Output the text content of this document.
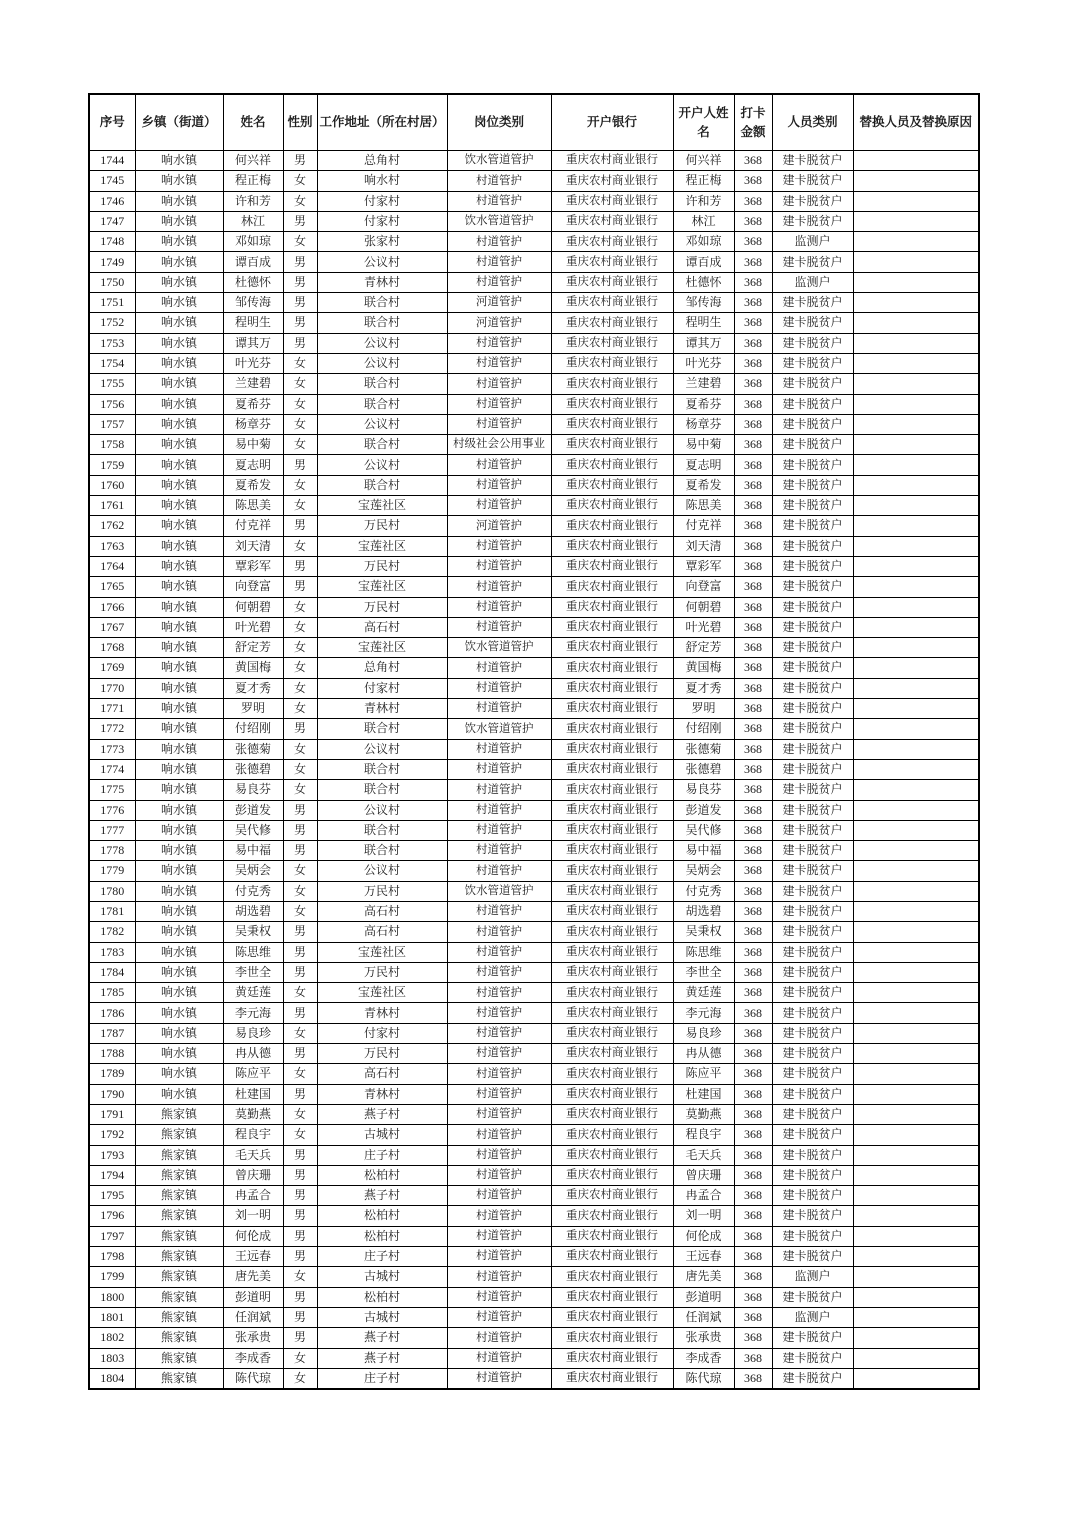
序号	乡镇（街道）	姓名	性别	工作地址（所在村居）	岗位类别	开户银行	开户人姓名	打卡金额	人员类别	替换人员及替换原因
1744	响水镇	何兴祥	男	总角村	饮水管道管护	重庆农村商业银行	何兴祥	368	建卡脱贫户	
1745	响水镇	程正梅	女	响水村	村道管护	重庆农村商业银行	程正梅	368	建卡脱贫户	
1746	响水镇	许和芳	女	付家村	村道管护	重庆农村商业银行	许和芳	368	建卡脱贫户	
1747	响水镇	林江	男	付家村	饮水管道管护	重庆农村商业银行	林江	368	建卡脱贫户	
1748	响水镇	邓如琼	女	张家村	村道管护	重庆农村商业银行	邓如琼	368	监测户	
1749	响水镇	谭百成	男	公议村	村道管护	重庆农村商业银行	谭百成	368	建卡脱贫户	
1750	响水镇	杜德怀	男	青林村	村道管护	重庆农村商业银行	杜德怀	368	监测户	
1751	响水镇	邹传海	男	联合村	河道管护	重庆农村商业银行	邹传海	368	建卡脱贫户	
1752	响水镇	程明生	男	联合村	河道管护	重庆农村商业银行	程明生	368	建卡脱贫户	
1753	响水镇	谭其万	男	公议村	村道管护	重庆农村商业银行	谭其万	368	建卡脱贫户	
1754	响水镇	叶光芬	女	公议村	村道管护	重庆农村商业银行	叶光芬	368	建卡脱贫户	
1755	响水镇	兰建碧	女	联合村	村道管护	重庆农村商业银行	兰建碧	368	建卡脱贫户	
1756	响水镇	夏希芬	女	联合村	村道管护	重庆农村商业银行	夏希芬	368	建卡脱贫户	
1757	响水镇	杨章芬	女	公议村	村道管护	重庆农村商业银行	杨章芬	368	建卡脱贫户	
1758	响水镇	易中菊	女	联合村	村级社会公用事业	重庆农村商业银行	易中菊	368	建卡脱贫户	
1759	响水镇	夏志明	男	公议村	村道管护	重庆农村商业银行	夏志明	368	建卡脱贫户	
1760	响水镇	夏希发	女	联合村	村道管护	重庆农村商业银行	夏希发	368	建卡脱贫户	
1761	响水镇	陈思美	女	宝莲社区	村道管护	重庆农村商业银行	陈思美	368	建卡脱贫户	
1762	响水镇	付克祥	男	万民村	河道管护	重庆农村商业银行	付克祥	368	建卡脱贫户	
1763	响水镇	刘天清	女	宝莲社区	村道管护	重庆农村商业银行	刘天清	368	建卡脱贫户	
1764	响水镇	覃彩军	男	万民村	村道管护	重庆农村商业银行	覃彩军	368	建卡脱贫户	
1765	响水镇	向登富	男	宝莲社区	村道管护	重庆农村商业银行	向登富	368	建卡脱贫户	
1766	响水镇	何朝碧	女	万民村	村道管护	重庆农村商业银行	何朝碧	368	建卡脱贫户	
1767	响水镇	叶光碧	女	高石村	村道管护	重庆农村商业银行	叶光碧	368	建卡脱贫户	
1768	响水镇	舒定芳	女	宝莲社区	饮水管道管护	重庆农村商业银行	舒定芳	368	建卡脱贫户	
1769	响水镇	黄国梅	女	总角村	村道管护	重庆农村商业银行	黄国梅	368	建卡脱贫户	
1770	响水镇	夏才秀	女	付家村	村道管护	重庆农村商业银行	夏才秀	368	建卡脱贫户	
1771	响水镇	罗明	女	青林村	村道管护	重庆农村商业银行	罗明	368	建卡脱贫户	
1772	响水镇	付绍刚	男	联合村	饮水管道管护	重庆农村商业银行	付绍刚	368	建卡脱贫户	
1773	响水镇	张德菊	女	公议村	村道管护	重庆农村商业银行	张德菊	368	建卡脱贫户	
1774	响水镇	张德碧	女	联合村	村道管护	重庆农村商业银行	张德碧	368	建卡脱贫户	
1775	响水镇	易良芬	女	联合村	村道管护	重庆农村商业银行	易良芬	368	建卡脱贫户	
1776	响水镇	彭道发	男	公议村	村道管护	重庆农村商业银行	彭道发	368	建卡脱贫户	
1777	响水镇	吴代修	男	联合村	村道管护	重庆农村商业银行	吴代修	368	建卡脱贫户	
1778	响水镇	易中福	男	联合村	村道管护	重庆农村商业银行	易中福	368	建卡脱贫户	
1779	响水镇	吴炳会	女	公议村	村道管护	重庆农村商业银行	吴炳会	368	建卡脱贫户	
1780	响水镇	付克秀	女	万民村	饮水管道管护	重庆农村商业银行	付克秀	368	建卡脱贫户	
1781	响水镇	胡选碧	女	高石村	村道管护	重庆农村商业银行	胡选碧	368	建卡脱贫户	
1782	响水镇	吴秉权	男	高石村	村道管护	重庆农村商业银行	吴秉权	368	建卡脱贫户	
1783	响水镇	陈思维	男	宝莲社区	村道管护	重庆农村商业银行	陈思维	368	建卡脱贫户	
1784	响水镇	李世全	男	万民村	村道管护	重庆农村商业银行	李世全	368	建卡脱贫户	
1785	响水镇	黄廷莲	女	宝莲社区	村道管护	重庆农村商业银行	黄廷莲	368	建卡脱贫户	
1786	响水镇	李元海	男	青林村	村道管护	重庆农村商业银行	李元海	368	建卡脱贫户	
1787	响水镇	易良珍	女	付家村	村道管护	重庆农村商业银行	易良珍	368	建卡脱贫户	
1788	响水镇	冉从德	男	万民村	村道管护	重庆农村商业银行	冉从德	368	建卡脱贫户	
1789	响水镇	陈应平	女	高石村	村道管护	重庆农村商业银行	陈应平	368	建卡脱贫户	
1790	响水镇	杜建国	男	青林村	村道管护	重庆农村商业银行	杜建国	368	建卡脱贫户	
1791	熊家镇	莫勤燕	女	燕子村	村道管护	重庆农村商业银行	莫勤燕	368	建卡脱贫户	
1792	熊家镇	程良宇	女	古城村	村道管护	重庆农村商业银行	程良宇	368	建卡脱贫户	
1793	熊家镇	毛天兵	男	庄子村	村道管护	重庆农村商业银行	毛天兵	368	建卡脱贫户	
1794	熊家镇	曾庆珊	男	松柏村	村道管护	重庆农村商业银行	曾庆珊	368	建卡脱贫户	
1795	熊家镇	冉孟合	男	燕子村	村道管护	重庆农村商业银行	冉孟合	368	建卡脱贫户	
1796	熊家镇	刘一明	男	松柏村	村道管护	重庆农村商业银行	刘一明	368	建卡脱贫户	
1797	熊家镇	何伦成	男	松柏村	村道管护	重庆农村商业银行	何伦成	368	建卡脱贫户	
1798	熊家镇	王远春	男	庄子村	村道管护	重庆农村商业银行	王远春	368	建卡脱贫户	
1799	熊家镇	唐先美	女	古城村	村道管护	重庆农村商业银行	唐先美	368	监测户	
1800	熊家镇	彭道明	男	松柏村	村道管护	重庆农村商业银行	彭道明	368	建卡脱贫户	
1801	熊家镇	任润斌	男	古城村	村道管护	重庆农村商业银行	任润斌	368	监测户	
1802	熊家镇	张承贵	男	燕子村	村道管护	重庆农村商业银行	张承贵	368	建卡脱贫户	
1803	熊家镇	李成香	女	燕子村	村道管护	重庆农村商业银行	李成香	368	建卡脱贫户	
1804	熊家镇	陈代琼	女	庄子村	村道管护	重庆农村商业银行	陈代琼	368	建卡脱贫户	
